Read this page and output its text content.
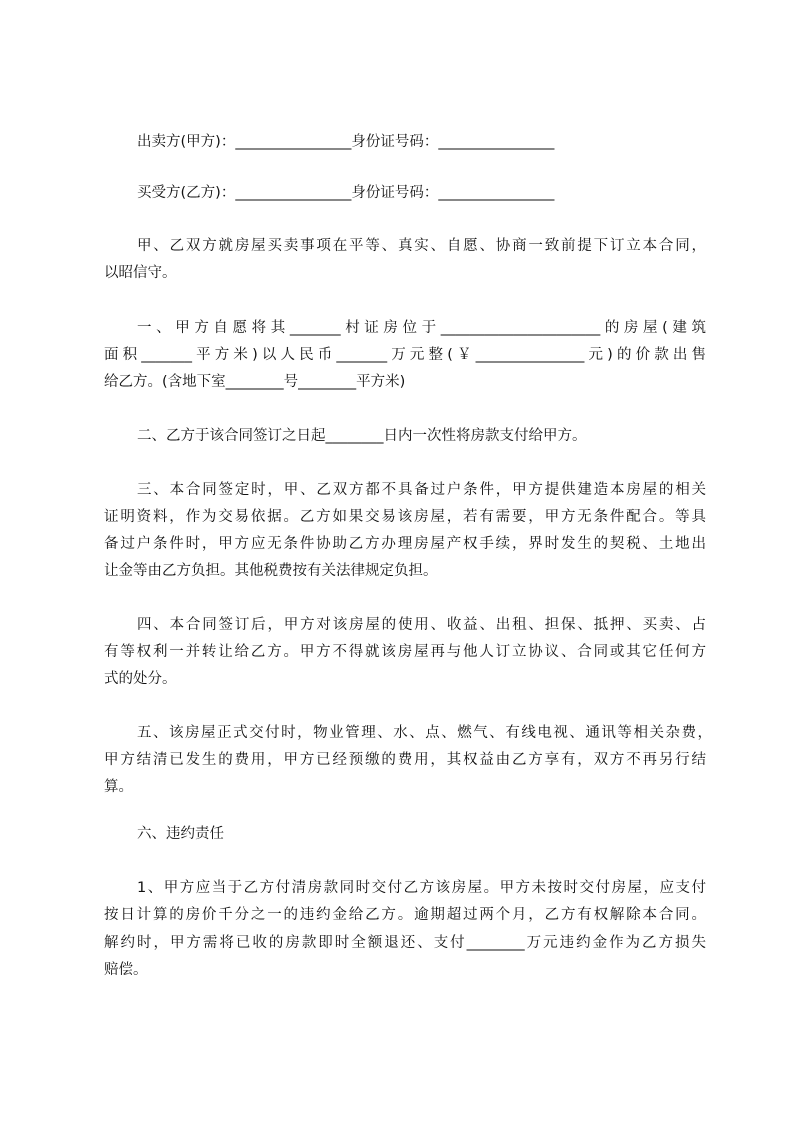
出卖方(甲方)：________________身份证号码：________________
买受方(乙方)：________________身份证号码：________________
甲、乙双方就房屋买卖事项在平等、真实、自愿、协商一致前提下订立本合同，
以昭信守。
一、甲方自愿将其_______村证房位于______________________的房屋(建筑
面积_______平方米)以人民币_______万元整(￥_______________元)的价款出售
给乙方。(含地下室________号________平方米)
二、乙方于该合同签订之日起________日内一次性将房款支付给甲方。
三、本合同签定时，甲、乙双方都不具备过户条件，甲方提供建造本房屋的相关
证明资料，作为交易依据。乙方如果交易该房屋，若有需要，甲方无条件配合。等具
备过户条件时，甲方应无条件协助乙方办理房屋产权手续，界时发生的契税、土地出
让金等由乙方负担。其他税费按有关法律规定负担。
四、本合同签订后，甲方对该房屋的使用、收益、出租、担保、抵押、买卖、占
有等权利一并转让给乙方。甲方不得就该房屋再与他人订立协议、合同或其它任何方
式的处分。
五、该房屋正式交付时，物业管理、水、点、燃气、有线电视、通讯等相关杂费，
甲方结清已发生的费用，甲方已经预缴的费用，其权益由乙方享有，双方不再另行结
算。
六、违约责任
1、甲方应当于乙方付清房款同时交付乙方该房屋。甲方未按时交付房屋，应支付
按日计算的房价千分之一的违约金给乙方。逾期超过两个月，乙方有权解除本合同。
解约时，甲方需将已收的房款即时全额退还、支付________万元违约金作为乙方损失
赔偿。
